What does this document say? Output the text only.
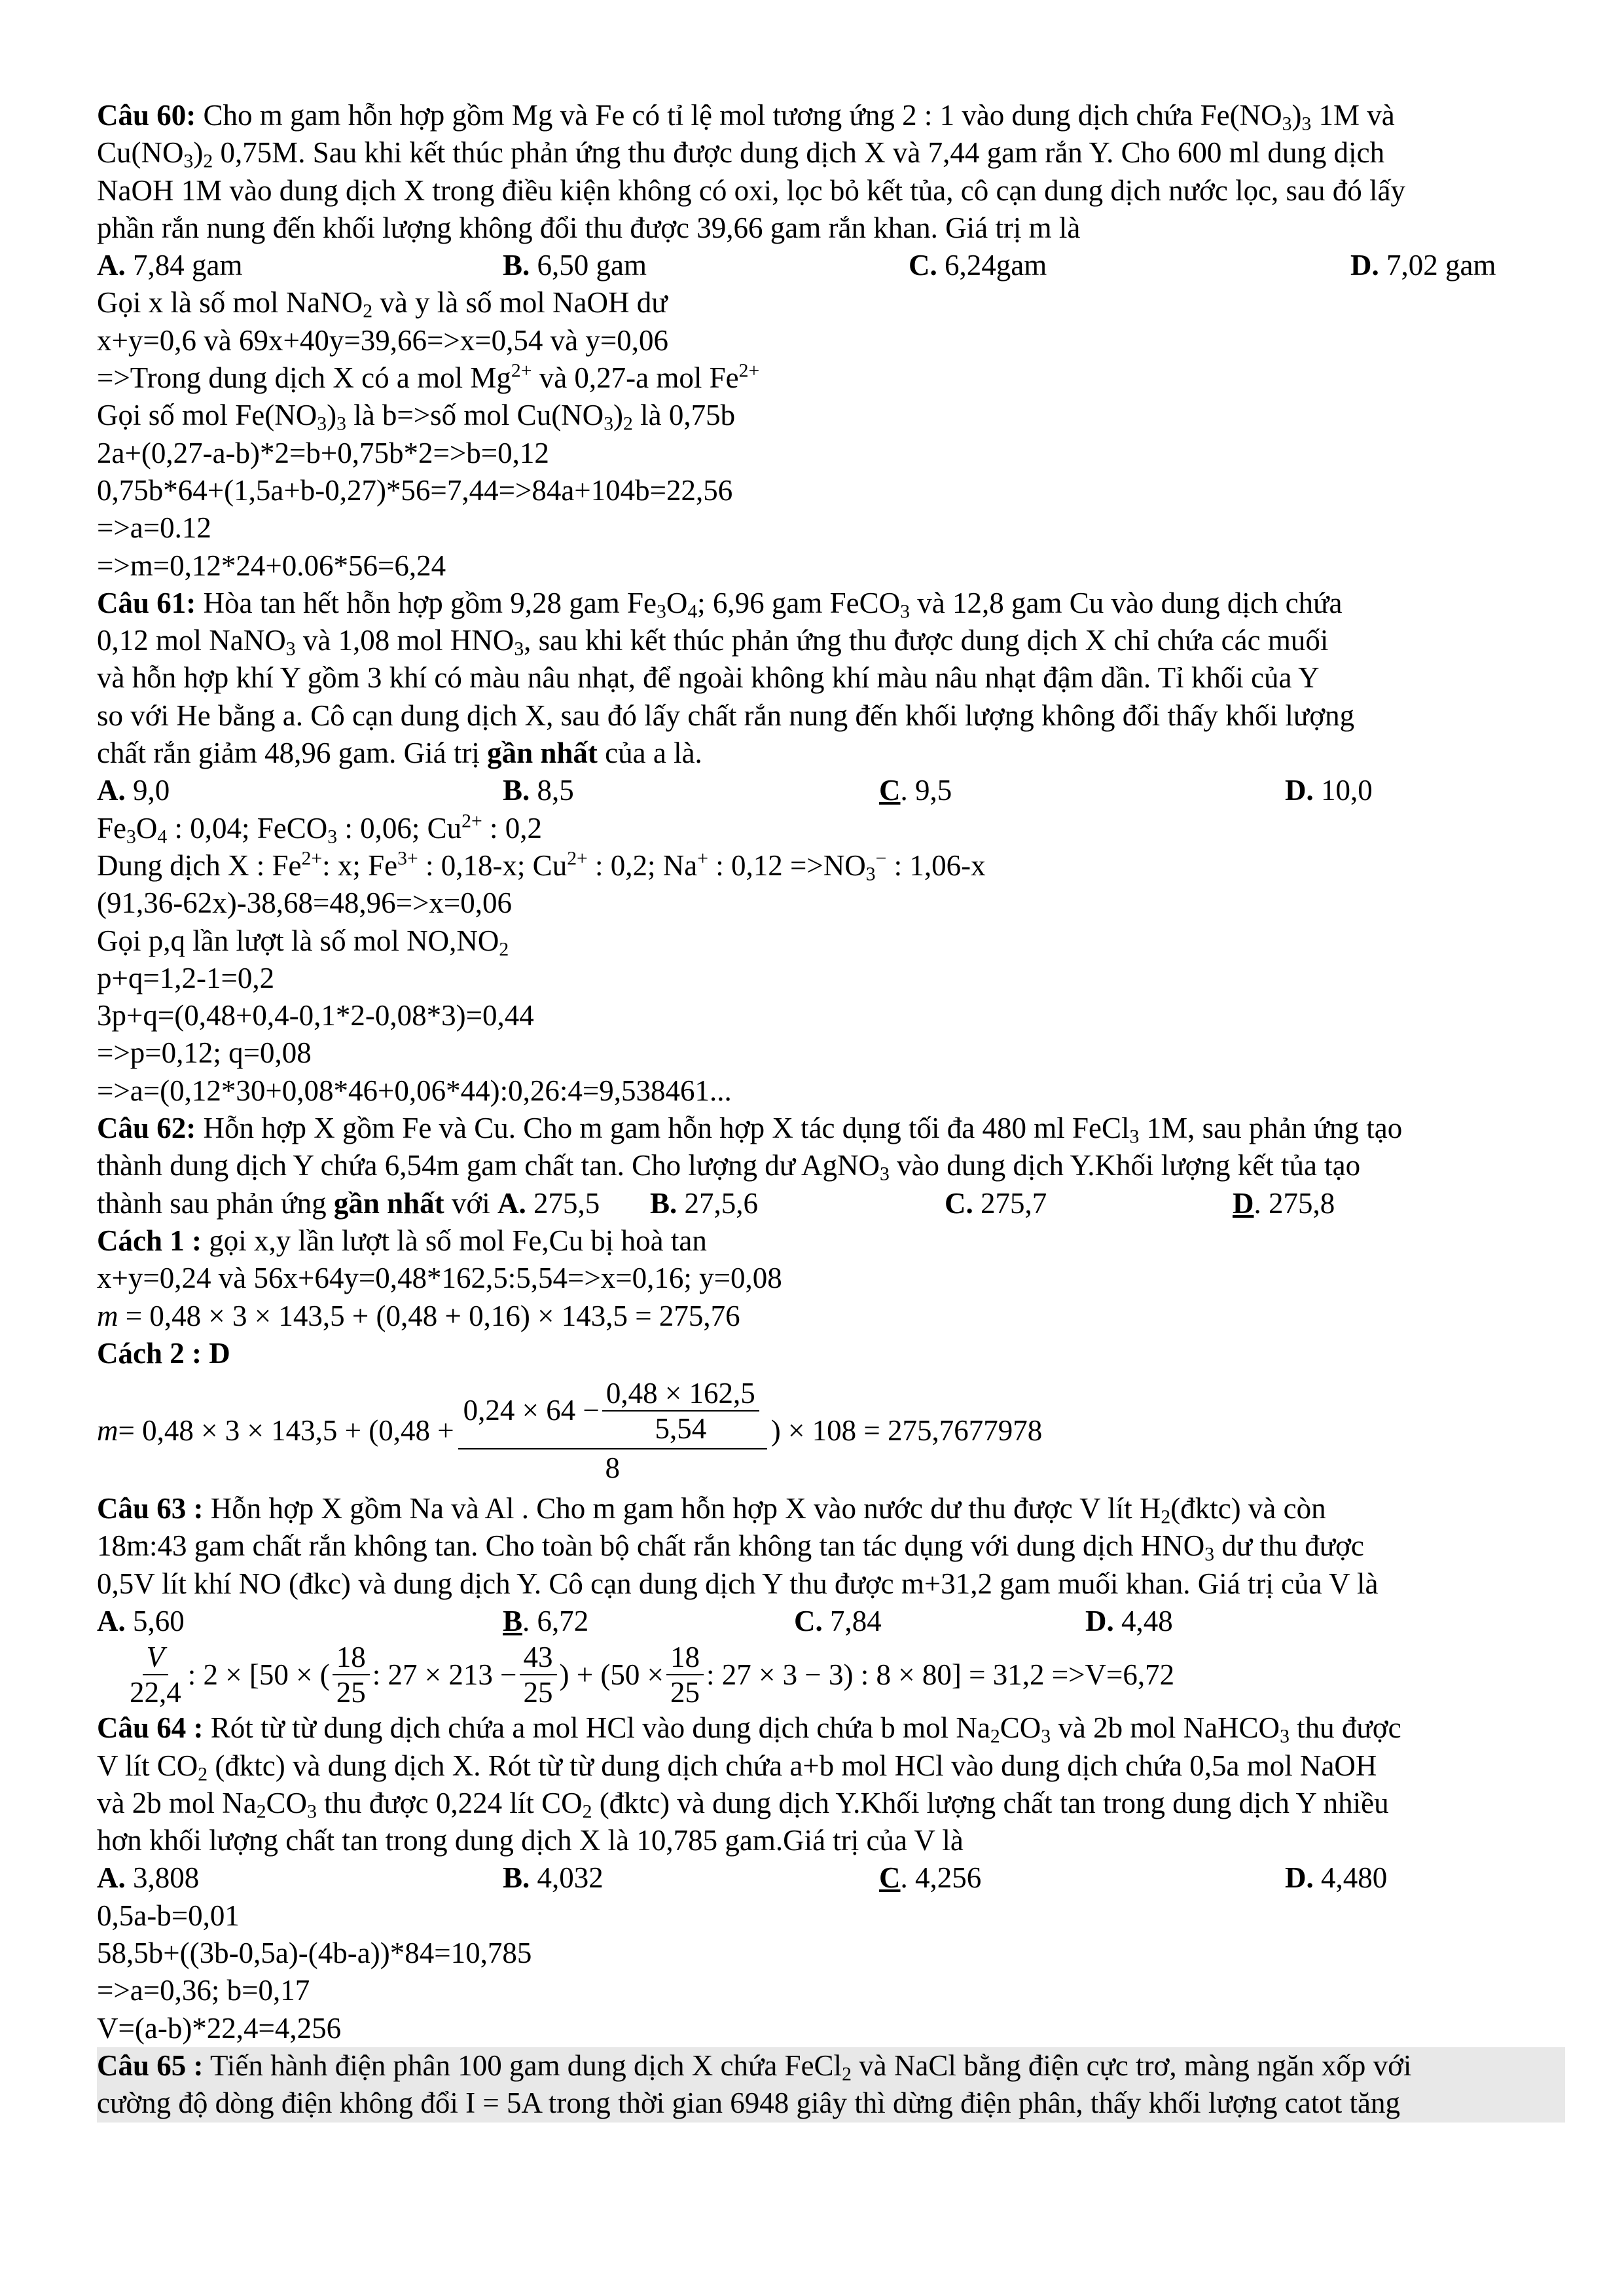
Câu 60: Cho m gam hỗn hợp gồm Mg và Fe có tỉ lệ mol tương ứng 2 : 1 vào dung dịch chứa $Fe(NO_3)_3$ 1M và
$Cu(NO_3)_2$ 0,75M. Sau khi kết thúc phản ứng thu được dung dịch X và 7,44 gam rắn Y. Cho 600 ml dung dịch
NaOH 1M vào dung dịch X trong điều kiện không có oxi, lọc bỏ kết tủa, cô cạn dung dịch nước lọc, sau đó lấy
phần rắn nung đến khối lượng không đổi thu được 39,66 gam rắn khan. Giá trị m là
A. 7,84 gam	B. 6,50 gam	C. 6,24gam	D. 7,02 gam
Gọi x là số mol NaNO$_2$ và y là số mol NaOH dư
x+y=0,6 và 69x+40y=39,66=>x=0,54 và y=0,06
=>Trong dung dịch X có a mol $Mg^{2+}$ và 0,27-a mol $Fe^{2+}$
Gọi số mol $Fe(NO_3)_3$ là b=>số mol $Cu(NO_3)_2$ là 0,75b
2a+(0,27-a-b)*2=b+0,75b*2=>b=0,12
0,75b*64+(1,5a+b-0,27)*56=7,44=>84a+104b=22,56
=>a=0.12
=>m=0,12*24+0.06*56=6,24
Câu 61: Hòa tan hết hỗn hợp gồm 9,28 gam $Fe_3O_4$; 6,96 gam FeCO$_3$ và 12,8 gam Cu vào dung dịch chứa
0,12 mol NaNO$_3$ và 1,08 mol $HNO_3$, sau khi kết thúc phản ứng thu được dung dịch X chỉ chứa các muối
và hỗn hợp khí Y gồm 3 khí có màu nâu nhạt, để ngoài không khí màu nâu nhạt đậm dần. Tỉ khối của Y
so với He bằng a. Cô cạn dung dịch X, sau đó lấy chất rắn nung đến khối lượng không đổi thấy khối lượng
chất rắn giảm 48,96 gam. Giá trị gần nhất của a là.
A. 9,0	B. 8,5	C. 9,5	D. 10,0
$Fe_3O_4$ : 0,04; FeCO$_3$ : 0,06; $Cu^{2+}$ : 0,2
Dung dịch X : $Fe^{2+}$: x; $Fe^{3+}$ : 0,18-x; $Cu^{2+}$ : 0,2; Na+ : $0,12 =>NO_3^-$ : 1,06-x
(91,36-62x)-38,68=48,96=>x=0,06
Gọi p,q lần lượt là số mol $NO,NO_2$
p+q=1,2-1=0,2
3p+q=(0,48+0,4-0,1*2-0,08*3)=0,44
=>p=0,12; q=0,08
=>a=(0,12*30+0,08*46+0,06*44):0,26:4=9,538461...
Câu 62: Hỗn hợp X gồm Fe và Cu. Cho m gam hỗn hợp X tác dụng tối đa 480 ml FeCl$_3$ 1M, sau phản ứng tạo
thành dung dịch Y chứa 6,54m gam chất tan. Cho lượng dư AgNO$_3$ vào dung dịch Y.Khối lượng kết tủa tạo
thành sau phản ứng gần nhất với A. 275,5	B. 27,5,6	C. 275,7	D. 275,8
Cách 1 : gọi x,y lần lượt là số mol Fe,Cu bị hoà tan
x+y=0,24 và 56x+64y=0,48*162,5:5,54=>x=0,16; y=0,08
m = 0,48 × 3 × 143,5 + (0,48 + 0,16) × 143,5 = 275,76
Cách 2 : D
$m = 0,48 \times 3 \times 143,5 + (0,48 + \frac{0,24 \times 64 - \frac{0,48 \times 162,5}{5,54}}{8}$ ) × 108 = 275,7677978
Câu 63 : Hỗn hợp X gồm Na và Al . Cho m gam hỗn hợp X vào nước dư thu được V lít $H_2(đktc)$ và còn
18m:43 gam chất rắn không tan. Cho toàn bộ chất rắn không tan tác dụng với dung dịch $HNO_3$ dư thu được
0,5V lít khí NO (đkc) và dung dịch Y. Cô cạn dung dịch Y thu được m+31,2 gam muối khan. Giá trị của V là
A. 5,60	B. 6,72	C. 7,84	D. 4,48
$\frac{V}{22,4}$ : 2 × [50 × ( $\frac{18}{25}$ : $27 \times 213 - \frac{43}{25}$ ) + ($50 \times \frac{18}{25}$ : 27 × 3 − 3) : 8 × 80] = 31,2 =>V=6,72
Câu 64 : Rót từ từ dung dịch chứa a mol HCl vào dung dịch chứa b mol $Na_2CO_3$ và 2b mol NaHCO$_3$ thu được
V lít $CO_2$ (đktc) và dung dịch X. Rót từ từ dung dịch chứa a+b mol HCl vào dung dịch chứa 0,5a mol NaOH
và 2b mol $Na_2CO_3$ thu được 0,224 lít $CO_2$ (đktc) và dung dịch Y.Khối lượng chất tan trong dung dịch Y nhiều
hơn khối lượng chất tan trong dung dịch X là 10,785 gam.Giá trị của V là
A. 3,808	B. 4,032	C. 4,256	D. 4,480
0,5a-b=0,01
58,5b+((3b-0,5a)-(4b-a))*84=10,785
=>a=0,36; b=0,17
V=(a-b)*22,4=4,256
Câu 65 : Tiến hành điện phân 100 gam dung dịch X chứa FeCl$_2$ và NaCl bằng điện cực trơ, màng ngăn xốp với
cường độ dòng điện không đổi I = 5A trong thời gian 6948 giây thì dừng điện phân, thấy khối lượng catot tăng
